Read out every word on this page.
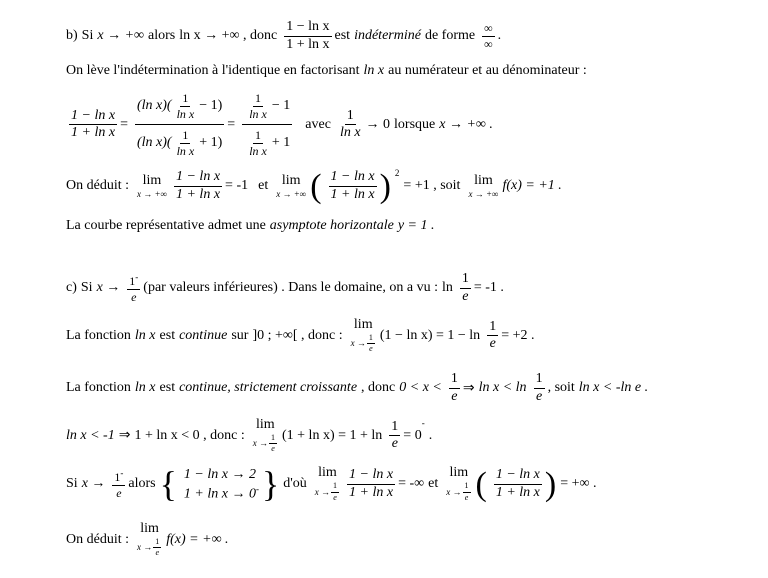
b) Si x → +∞ alors ln x → +∞ , donc $\frac{\text{1 − ln x}}{\text{1 + ln x}}$ est indéterminé de forme $\frac{\infty}{\infty}$ .
On lève l'indétermination à l'identique en factorisant ln x au numérateur et au dénominateur :
$\frac{\text{1 − ln x}}{\text{1 + ln x}} = \frac{(\ln x)( \frac{1}{\text{ln x}} - 1)}{(\ln x)( \frac{1}{\text{ln x}} + 1)} = \frac{\frac{1}{\text{ln x}} - 1}{\frac{1}{\text{ln x}} + 1}$ avec $\frac{1}{\text{ln x}} \to 0$ lorsque x → +∞ .
On déduit : lim
x → +∞ $\frac{\text{1 − ln x}}{\text{1 + ln x}} = -1$ et lim
x → +∞ ( $\frac{\text{1 − ln x}}{\text{1 + ln x}}$ ) $^2$
= +1 , soit lim
x → +∞
f(x) = +1 .
La courbe représentative admet une asymptote horizontale y = 1 .
c) Si $x \to \frac{1^-}{e} (par$ valeurs inférieures) . Dans le domaine, on a vu : $\ln \frac{1}{e} = -1$ .
La fonction ln x est continue sur ]0 ; +∞[ , donc :
lim
$x \to \frac{1}{e} (1 - \ln x) = 1 - \ln \frac{1}{e} = +2$ .
La fonction ln x est continue, strictement croissante , donc $0 < x < \frac{1}{e}$ ⇒ $\ln x < \ln \frac{1}{e}$ , soit ln x < -ln e .
ln x < -1 ⇒ 1 + ln x < 0 , donc :
lim
$x \to \frac{1}{e} (1 + \ln x) = 1 + \ln \frac{1}{e} = 0$
-
.
Si $x \to \frac{1^-}{e}$ alors { 1 − ln x → 2
1 + ln x → 0- } d'où
lim
$x \to \frac{1}{e} \frac{\text{1 − ln x}}{\text{1 + ln x}}$ = -∞ et
lim
$x \to \frac{1}{e}$ ( $\frac{\text{1 − ln x}}{\text{1 + ln x}}$ ) = +∞ .
On déduit :
lim
$x \to \frac{1}{e} f(x)$ = +∞ .
